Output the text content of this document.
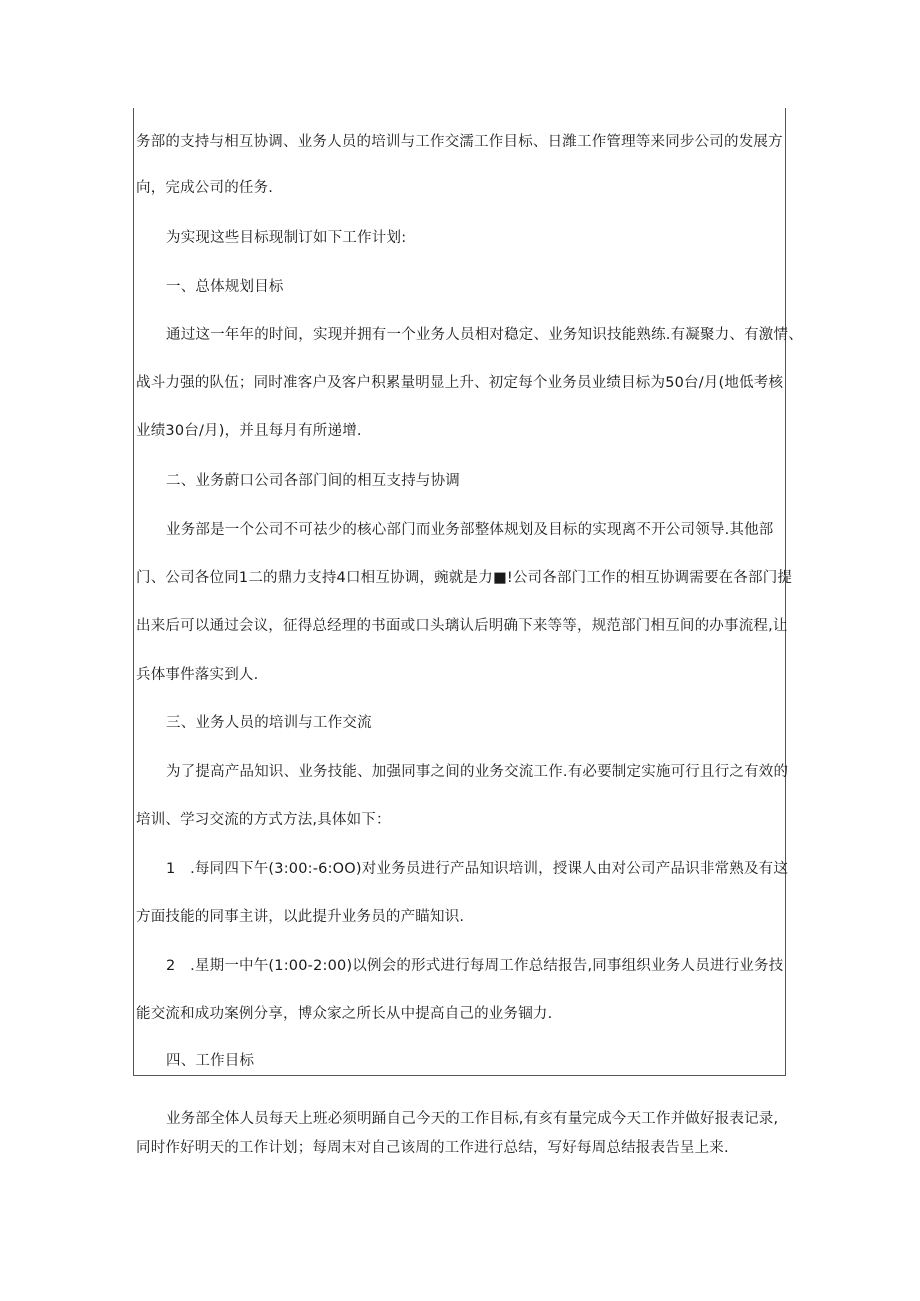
务部的支持与相互协调、业务人员的培训与工作交濡工作目标、日潍工作管理等来同步公司的发展方
向，完成公司的任务.
为实现这些目标现制订如下工作计划:
一、总体规划目标
通过这一年年的时间，实现并拥有一个业务人员相对稳定、业务知识技能熟练.有凝聚力、有激情、
战斗力强的队伍；同时准客户及客户积累量明显上升、初定每个业务员业绩目标为50台/月(地低考核
业绩30台/月)，并且每月有所递增.
二、业务蔚口公司各部门间的相互支持与协调
业务部是一个公司不可祛少的核心部门而业务部整体规划及目标的实现离不开公司领导.其他部
门、公司各位同1二的鼎力支持4口相互协调，豌就是力■!公司各部门工作的相互协调需要在各部门提
出来后可以通过会议，征得总经理的书面或口头璃认后明确下来等等，规范部门相互间的办事流程,让
兵体事件落实到人.
三、业务人员的培训与工作交流
为了提高产品知识、业务技能、加强同事之间的业务交流工作.有必要制定实施可行且行之有效的
培训、学习交流的方式方法,具体如下：
1　.每同四下午(3:00:-6:OO)对业务员进行产品知识培训，授课人由对公司产品识非常熟及有这
方面技能的同事主讲，以此提升业务员的产瞄知识.
2　.星期一中午(1:00-2:00)以例会的形式进行每周工作总结报告,同事组织业务人员进行业务技
能交流和成功案例分享，博众家之所长从中提高自己的业务锢力.
四、工作目标
业务部全体人员每天上班必须明踊自己今天的工作目标,有亥有量完成今天工作并做好报表记录,
同时作好明天的工作计划；每周末对自己该周的工作进行总结，写好每周总结报表告呈上来.
